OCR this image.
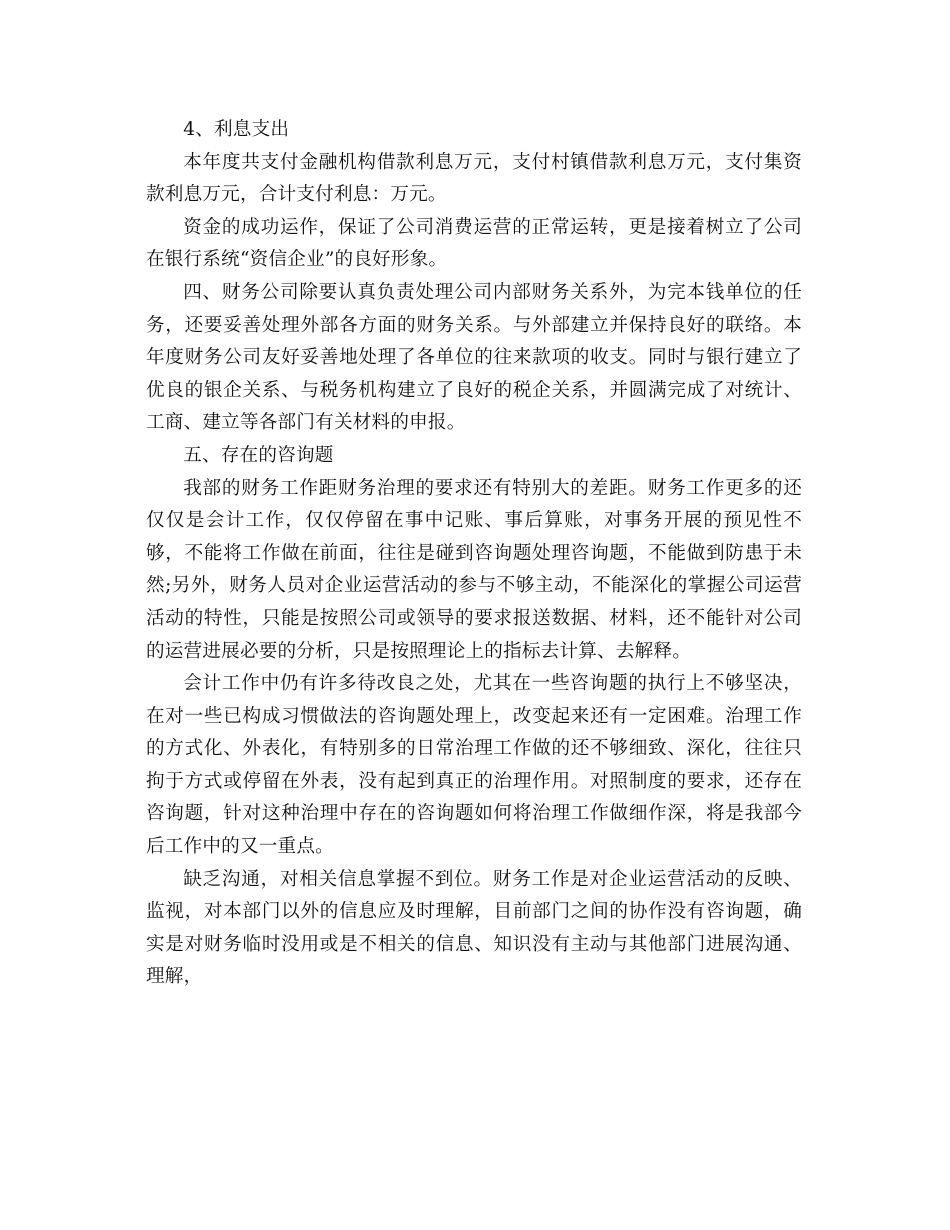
4、利息支出

本年度共支付金融机构借款利息万元，支付村镇借款利息万元，支付集资款利息万元，合计支付利息：万元。

资金的成功运作，保证了公司消费运营的正常运转，更是接着树立了公司在银行系统“资信企业”的良好形象。

四、财务公司除要认真负责处理公司内部财务关系外，为完本钱单位的任务，还要妥善处理外部各方面的财务关系。与外部建立并保持良好的联络。本年度财务公司友好妥善地处理了各单位的往来款项的收支。同时与银行建立了优良的银企关系、与税务机构建立了良好的税企关系，并圆满完成了对统计、工商、建立等各部门有关材料的申报。

五、存在的咨询题

我部的财务工作距财务治理的要求还有特别大的差距。财务工作更多的还仅仅是会计工作，仅仅停留在事中记账、事后算账，对事务开展的预见性不够，不能将工作做在前面，往往是碰到咨询题处理咨询题，不能做到防患于未然;另外，财务人员对企业运营活动的参与不够主动，不能深化的掌握公司运营活动的特性，只能是按照公司或领导的要求报送数据、材料，还不能针对公司的运营进展必要的分析，只是按照理论上的指标去计算、去解释。

会计工作中仍有许多待改良之处，尤其在一些咨询题的执行上不够坚决，在对一些已构成习惯做法的咨询题处理上，改变起来还有一定困难。治理工作的方式化、外表化，有特别多的日常治理工作做的还不够细致、深化，往往只拘于方式或停留在外表，没有起到真正的治理作用。对照制度的要求，还存在咨询题，针对这种治理中存在的咨询题如何将治理工作做细作深，将是我部今后工作中的又一重点。

缺乏沟通，对相关信息掌握不到位。财务工作是对企业运营活动的反映、监视，对本部门以外的信息应及时理解，目前部门之间的协作没有咨询题，确实是对财务临时没用或是不相关的信息、知识没有主动与其他部门进展沟通、理解，
